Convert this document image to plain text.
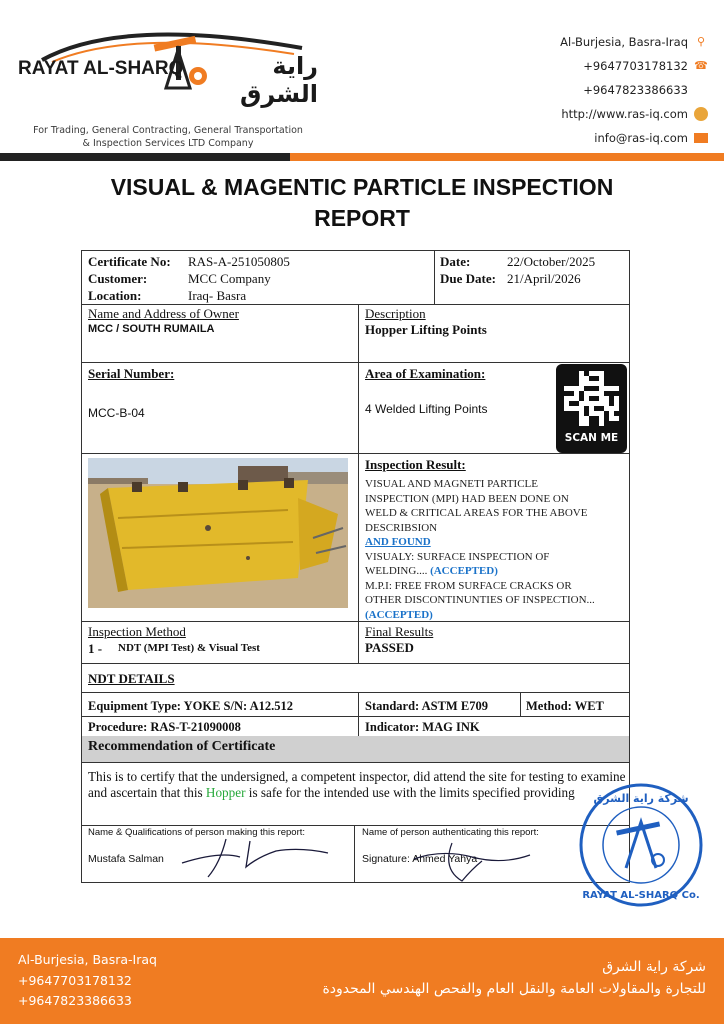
RAYAT AL-SHARQ	راية الشرق
For Trading, General Contracting, General Transportation
& Inspection Services LTD Company
Al-Burjesia, Basra-Iraq ⚲
+9647703178132 ☎
+9647823386633
http://www.ras-iq.com
info@ras-iq.com
VISUAL & MAGENTIC PARTICLE INSPECTION
REPORT
Certificate No: RAS-A-251050805
Customer:	MCC Company
Location:	Iraq- Basra
Date:	22/October/2025
Due Date: 21/April/2026
Name and Address of Owner
MCC / SOUTH RUMAILA
Description
Hopper Lifting Points
Serial Number:
MCC-B-04
Area of Examination:
4 Welded Lifting Points
SCAN ME
Inspection Result:
VISUAL AND MAGNETI PARTICLE
INSPECTION (MPI) HAD BEEN DONE ON
WELD & CRITICAL AREAS FOR THE ABOVE
DESCRIBSION
AND FOUND
VISUALY: SURFACE INSPECTION OF
WELDING.... (ACCEPTED)
M.P.I: FREE FROM SURFACE CRACKS OR
OTHER DISCONTINUNTIES OF INSPECTION...
(ACCEPTED)
Inspection Method
1 - NDT (MPI Test) & Visual Test
Final Results
PASSED
NDT DETAILS
Equipment Type: YOKE S/N: A12.512	Standard: ASTM E709	Method: WET
Procedure: RAS-T-21090008	Indicator: MAG INK
Recommendation of Certificate
This is to certify that the undersigned, a competent inspector, did attend the site for testing to examine and ascertain that this Hopper is safe for the intended use with the limits specified providing
Name & Qualifications of person making this report:
Mustafa Salman
Name of person authenticating this report:
Signature: Ahmed Yahya
شركة راية الشرق
RAYAT AL-SHARQ Co.
Al-Burjesia, Basra-Iraq
+9647703178132
+9647823386633
شركة راية الشرق
للتجارة والمقاولات العامة والنقل العام والفحص الهندسي المحدودة
